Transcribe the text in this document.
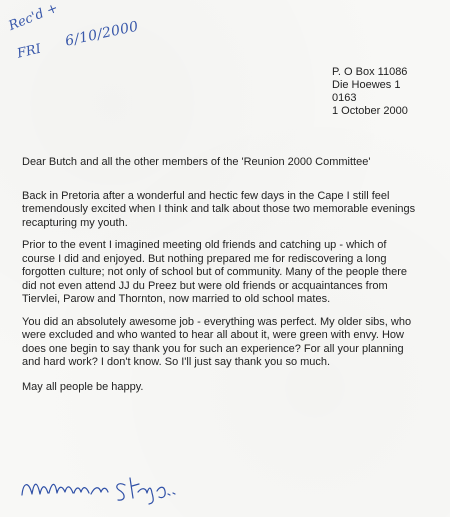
Rec'd +
FRI
6/10/2000
P. O Box 11086
Die Hoewes 1
0163
1 October 2000

Dear Butch and all the other members of the 'Reunion 2000 Committee'

Back in Pretoria after a wonderful and hectic few days in the Cape I still feel tremendously excited when I think and talk about those two memorable evenings recapturing my youth.

Prior to the event I imagined meeting old friends and catching up - which of course I did and enjoyed. But nothing prepared me for rediscovering a long forgotten culture; not only of school but of community. Many of the people there did not even attend JJ du Preez but were old friends or acquaintances from Tiervlei, Parow and Thornton, now married to old school mates.

You did an absolutely awesome job - everything was perfect. My older sibs, who were excluded and who wanted to hear all about it, were green with envy. How does one begin to say thank you for such an experience? For all your planning and hard work? I don't know. So I'll just say thank you so much.

May all people be happy.
